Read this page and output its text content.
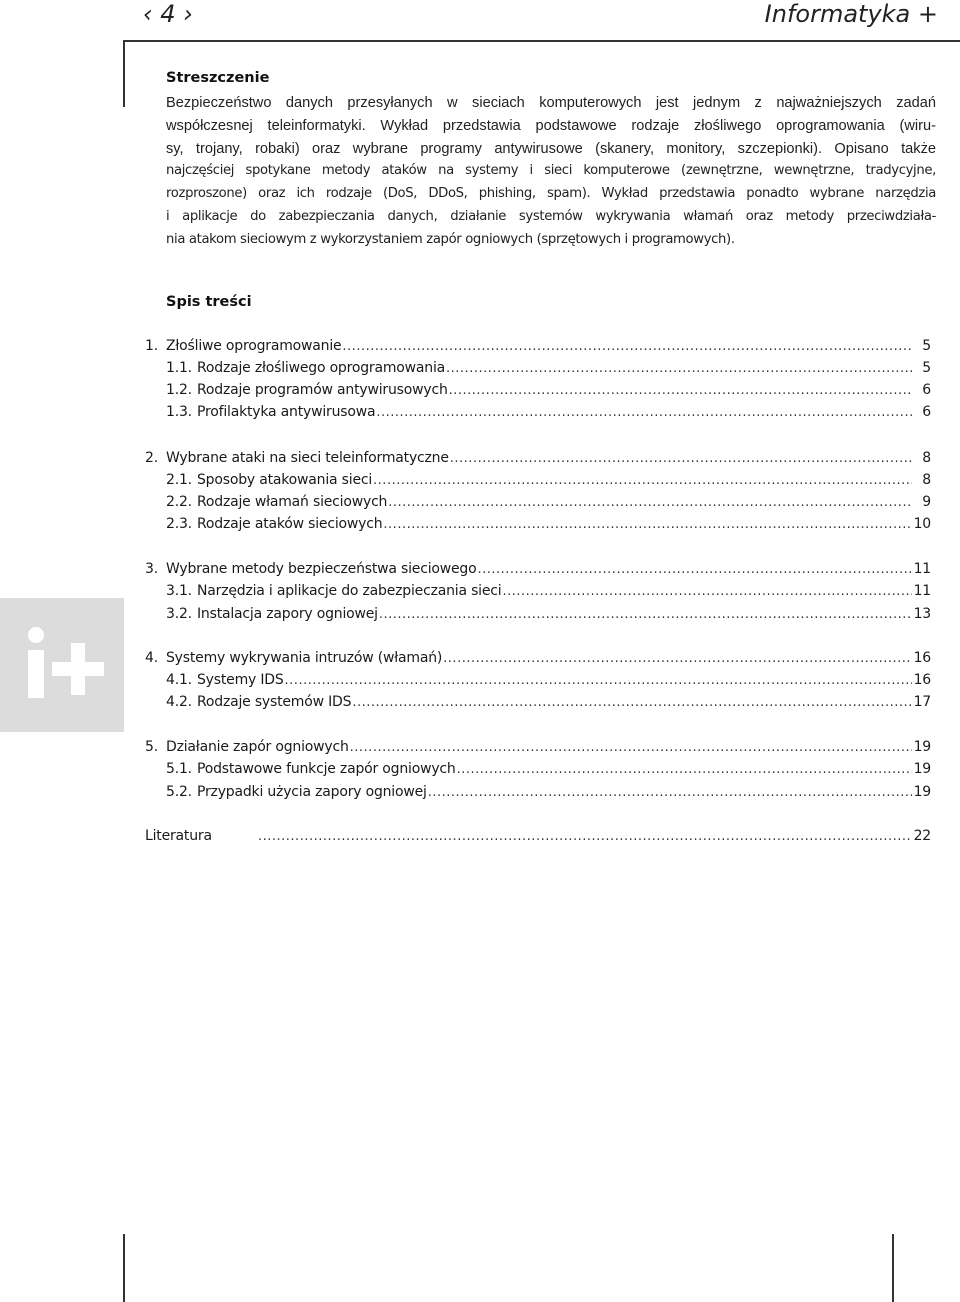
‹ 4 ›	Informatyka +
Streszczenie
Bezpieczeństwo danych przesyłanych w sieciach komputerowych jest jednym z najważniejszych zadań
współczesnej teleinformatyki. Wykład przedstawia podstawowe rodzaje złośliwego oprogramowania (wiru-
sy, trojany, robaki) oraz wybrane programy antywirusowe (skanery, monitory, szczepionki). Opisano także
najczęściej spotykane metody ataków na systemy i sieci komputerowe (zewnętrzne, wewnętrzne, tradycyjne,
rozproszone) oraz ich rodzaje (DoS, DDoS, phishing, spam). Wykład przedstawia ponadto wybrane narzędzia
i aplikacje do zabezpieczania danych, działanie systemów wykrywania włamań oraz metody przeciwdziała-
nia atakom sieciowym z wykorzystaniem zapór ogniowych (sprzętowych i programowych).
Spis treści
1. Złośliwe oprogramowanie .....	5
1.1. Rodzaje złośliwego oprogramowania .....	5
1.2. Rodzaje programów antywirusowych .....	6
1.3. Profilaktyka antywirusowa .....	6
2. Wybrane ataki na sieci teleinformatyczne .....	8
2.1. Sposoby atakowania sieci .....	8
2.2. Rodzaje włamań sieciowych .....	9
2.3. Rodzaje ataków sieciowych .....	10
3. Wybrane metody bezpieczeństwa sieciowego .....	11
3.1. Narzędzia i aplikacje do zabezpieczania sieci .....	11
3.2. Instalacja zapory ogniowej .....	13
4. Systemy wykrywania intruzów (włamań) .....	16
4.1. Systemy IDS .....	16
4.2. Rodzaje systemów IDS .....	17
5. Działanie zapór ogniowych .....	19
5.1. Podstawowe funkcje zapór ogniowych .....	19
5.2. Przypadki użycia zapory ogniowej .....	19
Literatura .....	22
